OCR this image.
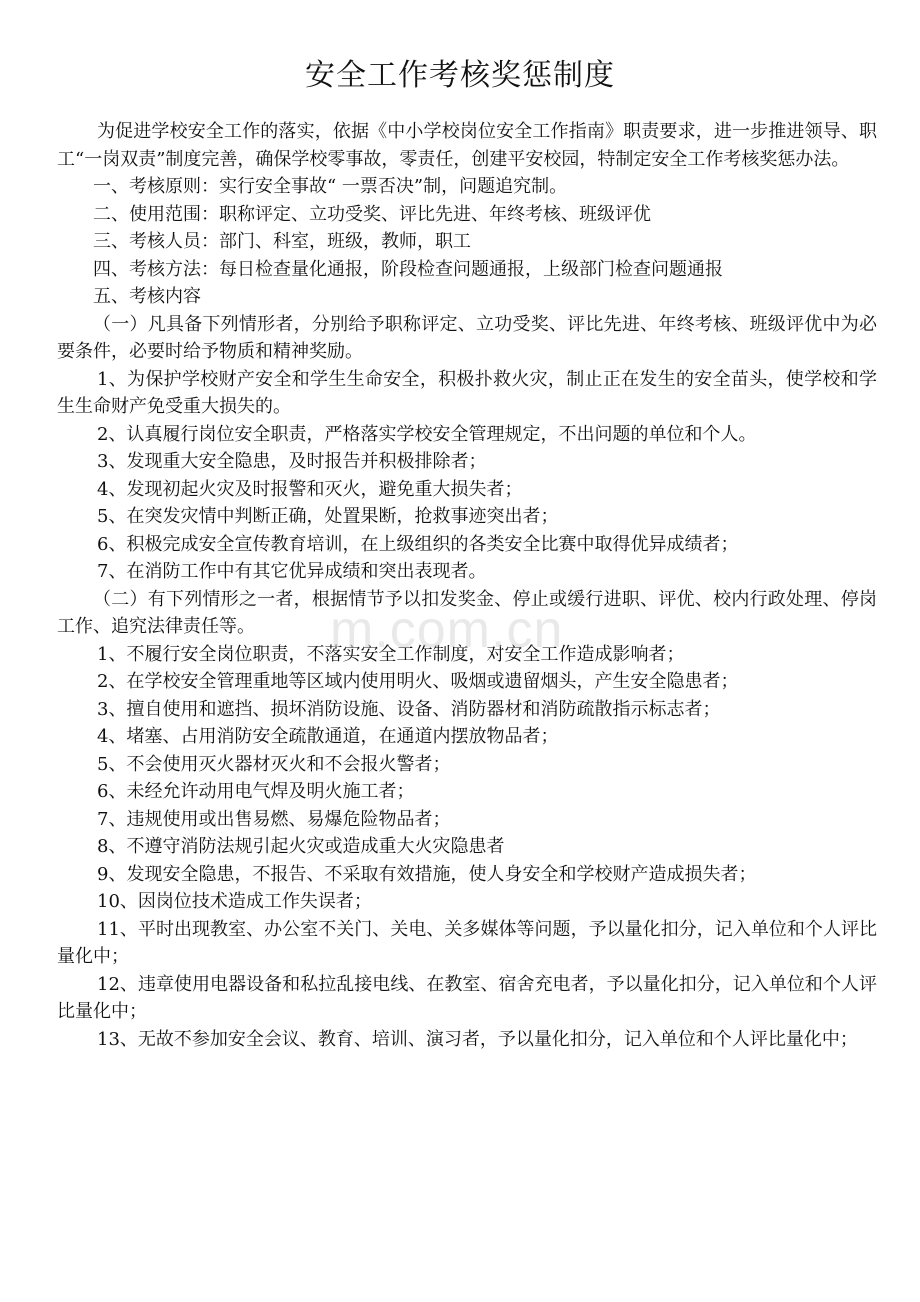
安全工作考核奖惩制度

为促进学校安全工作的落实，依据《中小学校岗位安全工作指南》职责要求，进一步推进领导、职工“一岗双责”制度完善，确保学校零事故，零责任，创建平安校园，特制定安全工作考核奖惩办法。

一、考核原则：实行安全事故“ 一票否决”制，问题追究制。

二、使用范围：职称评定、立功受奖、评比先进、年终考核、班级评优

三、考核人员：部门、科室，班级，教师，职工

四、考核方法：每日检查量化通报，阶段检查问题通报，上级部门检查问题通报

五、考核内容

（一）凡具备下列情形者，分别给予职称评定、立功受奖、评比先进、年终考核、班级评优中为必要条件，必要时给予物质和精神奖励。

1、为保护学校财产安全和学生生命安全，积极扑救火灾，制止正在发生的安全苗头，使学校和学生生命财产免受重大损失的。

2、认真履行岗位安全职责，严格落实学校安全管理规定，不出问题的单位和个人。

3、发现重大安全隐患，及时报告并积极排除者；

4、发现初起火灾及时报警和灭火，避免重大损失者；

5、在突发灾情中判断正确，处置果断，抢救事迹突出者；

6、积极完成安全宣传教育培训，在上级组织的各类安全比赛中取得优异成绩者；

7、在消防工作中有其它优异成绩和突出表现者。

（二）有下列情形之一者，根据情节予以扣发奖金、停止或缓行进职、评优、校内行政处理、停岗工作、追究法律责任等。

1、不履行安全岗位职责，不落实安全工作制度，对安全工作造成影响者；

2、在学校安全管理重地等区域内使用明火、吸烟或遗留烟头，产生安全隐患者；

3、擅自使用和遮挡、损坏消防设施、设备、消防器材和消防疏散指示标志者；

4、堵塞、占用消防安全疏散通道，在通道内摆放物品者；

5、不会使用灭火器材灭火和不会报火警者；

6、未经允许动用电气焊及明火施工者；

7、违规使用或出售易燃、易爆危险物品者；

8、不遵守消防法规引起火灾或造成重大火灾隐患者

9、发现安全隐患，不报告、不采取有效措施，使人身安全和学校财产造成损失者；

10、因岗位技术造成工作失误者；

11、平时出现教室、办公室不关门、关电、关多媒体等问题，予以量化扣分，记入单位和个人评比量化中；

12、违章使用电器设备和私拉乱接电线、在教室、宿舍充电者，予以量化扣分，记入单位和个人评比量化中；

13、无故不参加安全会议、教育、培训、演习者，予以量化扣分，记入单位和个人评比量化中；

m.com.cn
